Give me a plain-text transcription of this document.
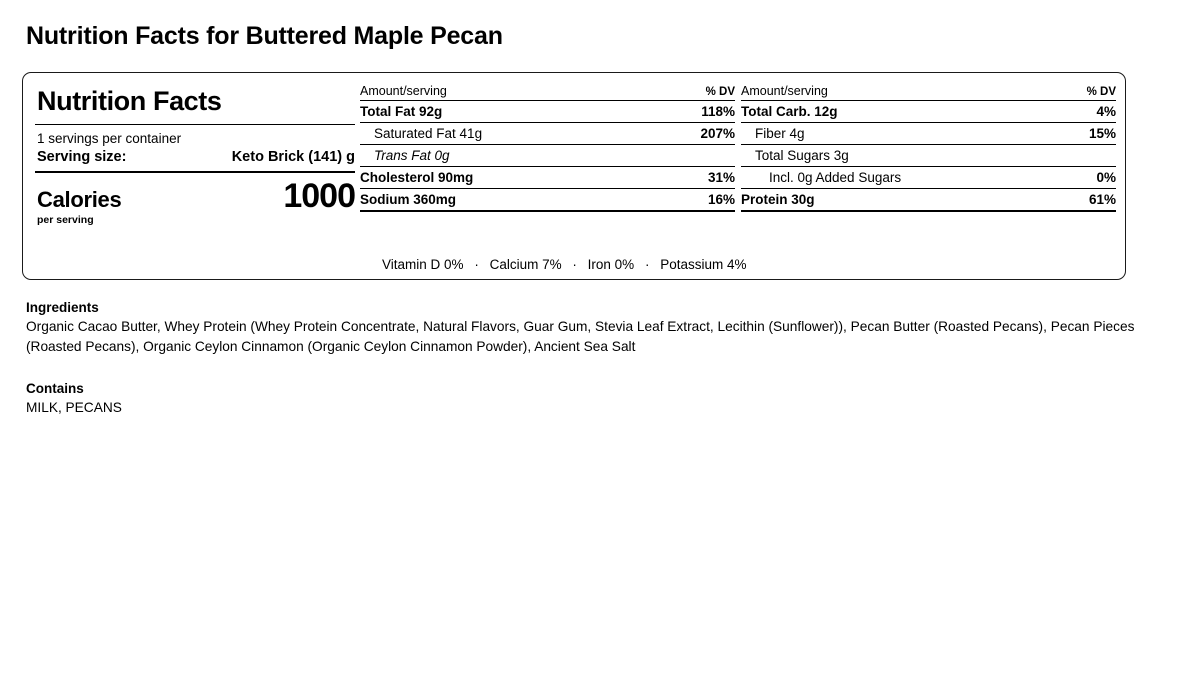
Nutrition Facts for Buttered Maple Pecan
Nutrition Facts
1 servings per container
Serving size:	Keto Brick (141) g
Calories	1000
per serving
Amount/serving	% DV
Total Fat 92g	118%
Saturated Fat 41g	207%
Trans Fat 0g
Cholesterol 90mg	31%
Sodium 360mg	16%
Amount/serving	% DV
Total Carb. 12g	4%
Fiber 4g	15%
Total Sugars 3g
Incl. 0g Added Sugars	0%
Protein 30g	61%
Vitamin D 0% · Calcium 7% · Iron 0% · Potassium 4%
Ingredients
Organic Cacao Butter, Whey Protein (Whey Protein Concentrate, Natural Flavors, Guar Gum, Stevia Leaf Extract, Lecithin (Sunflower)), Pecan Butter (Roasted Pecans), Pecan Pieces (Roasted Pecans), Organic Ceylon Cinnamon (Organic Ceylon Cinnamon Powder), Ancient Sea Salt
Contains
MILK, PECANS
